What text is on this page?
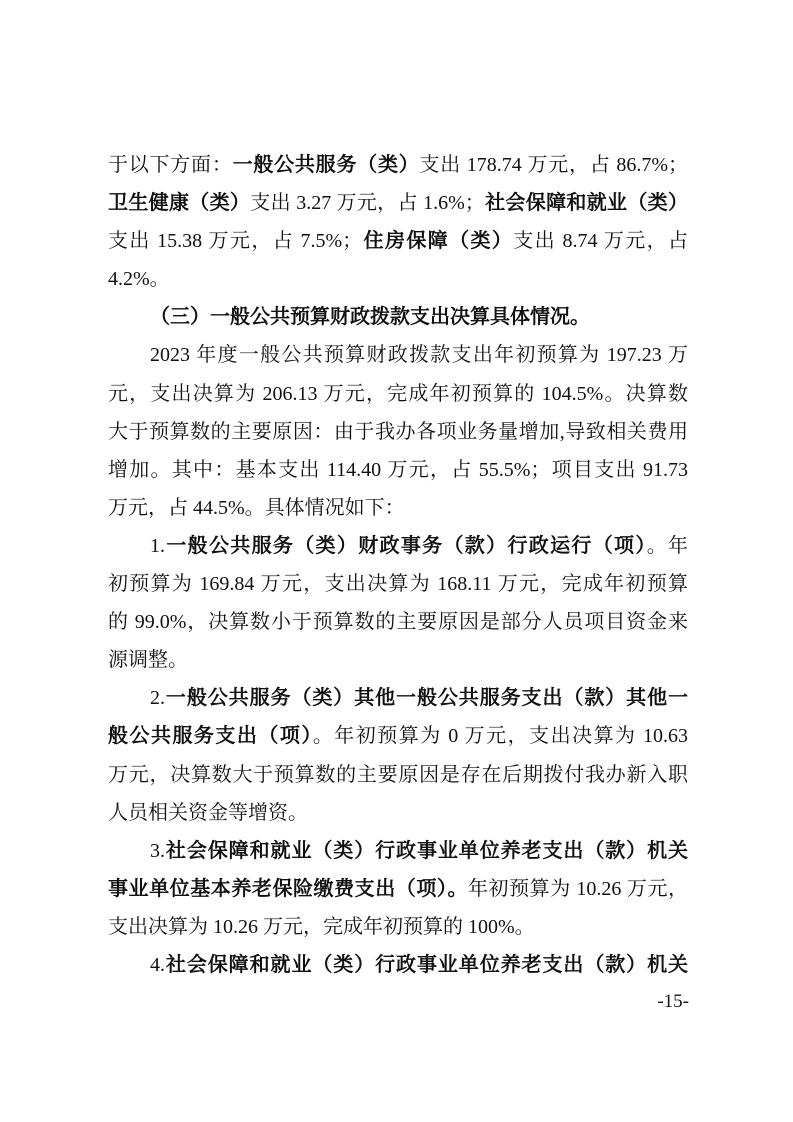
于以下方面：一般公共服务（类）支出 178.74 万元，占 86.7%；
卫生健康（类）支出 3.27 万元，占 1.6%；社会保障和就业（类）
支出 15.38 万元，占 7.5%；住房保障（类）支出 8.74 万元，占
4.2%。
（三）一般公共预算财政拨款支出决算具体情况。
2023 年度一般公共预算财政拨款支出年初预算为 197.23 万
元，支出决算为 206.13 万元，完成年初预算的 104.5%。决算数
大于预算数的主要原因：由于我办各项业务量增加,导致相关费用
增加。其中：基本支出 114.40 万元，占 55.5%；项目支出 91.73
万元，占 44.5%。具体情况如下：
1.一般公共服务（类）财政事务（款）行政运行（项）。年
初预算为 169.84 万元，支出决算为 168.11 万元，完成年初预算
的 99.0%，决算数小于预算数的主要原因是部分人员项目资金来
源调整。
2.一般公共服务（类）其他一般公共服务支出（款）其他一
般公共服务支出（项）。年初预算为 0 万元，支出决算为 10.63
万元，决算数大于预算数的主要原因是存在后期拨付我办新入职
人员相关资金等增资。
3.社会保障和就业（类）行政事业单位养老支出（款）机关
事业单位基本养老保险缴费支出（项）。年初预算为 10.26 万元，
支出决算为 10.26 万元，完成年初预算的 100%。
4.社会保障和就业（类）行政事业单位养老支出（款）机关
-15-
